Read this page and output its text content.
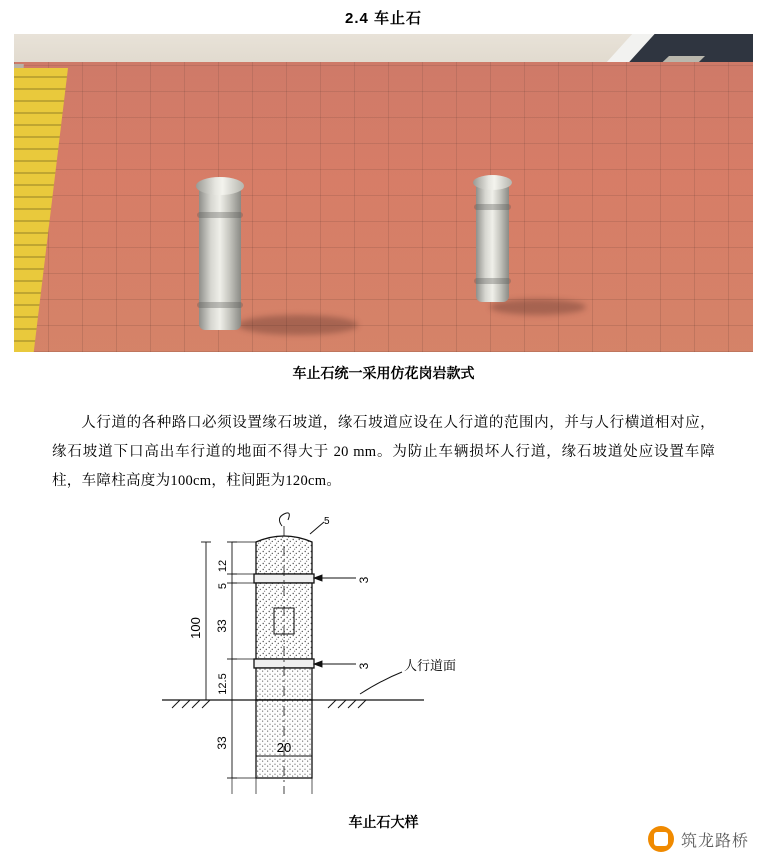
2.4 车止石
车止石统一采用仿花岗岩款式

人行道的各种路口必须设置缘石坡道，缘石坡道应设在人行道的范围内，并与人行横道相对应，缘石坡道下口高出车行道的地面不得大于 20 mm。为防止车辆损坏人行道，缘石坡道处应设置车障柱，车障柱高度为100cm，柱间距为120cm。

5
12
5
33
12.5
33
100
3
3	人行道面
20
车止石大样
筑龙路桥
